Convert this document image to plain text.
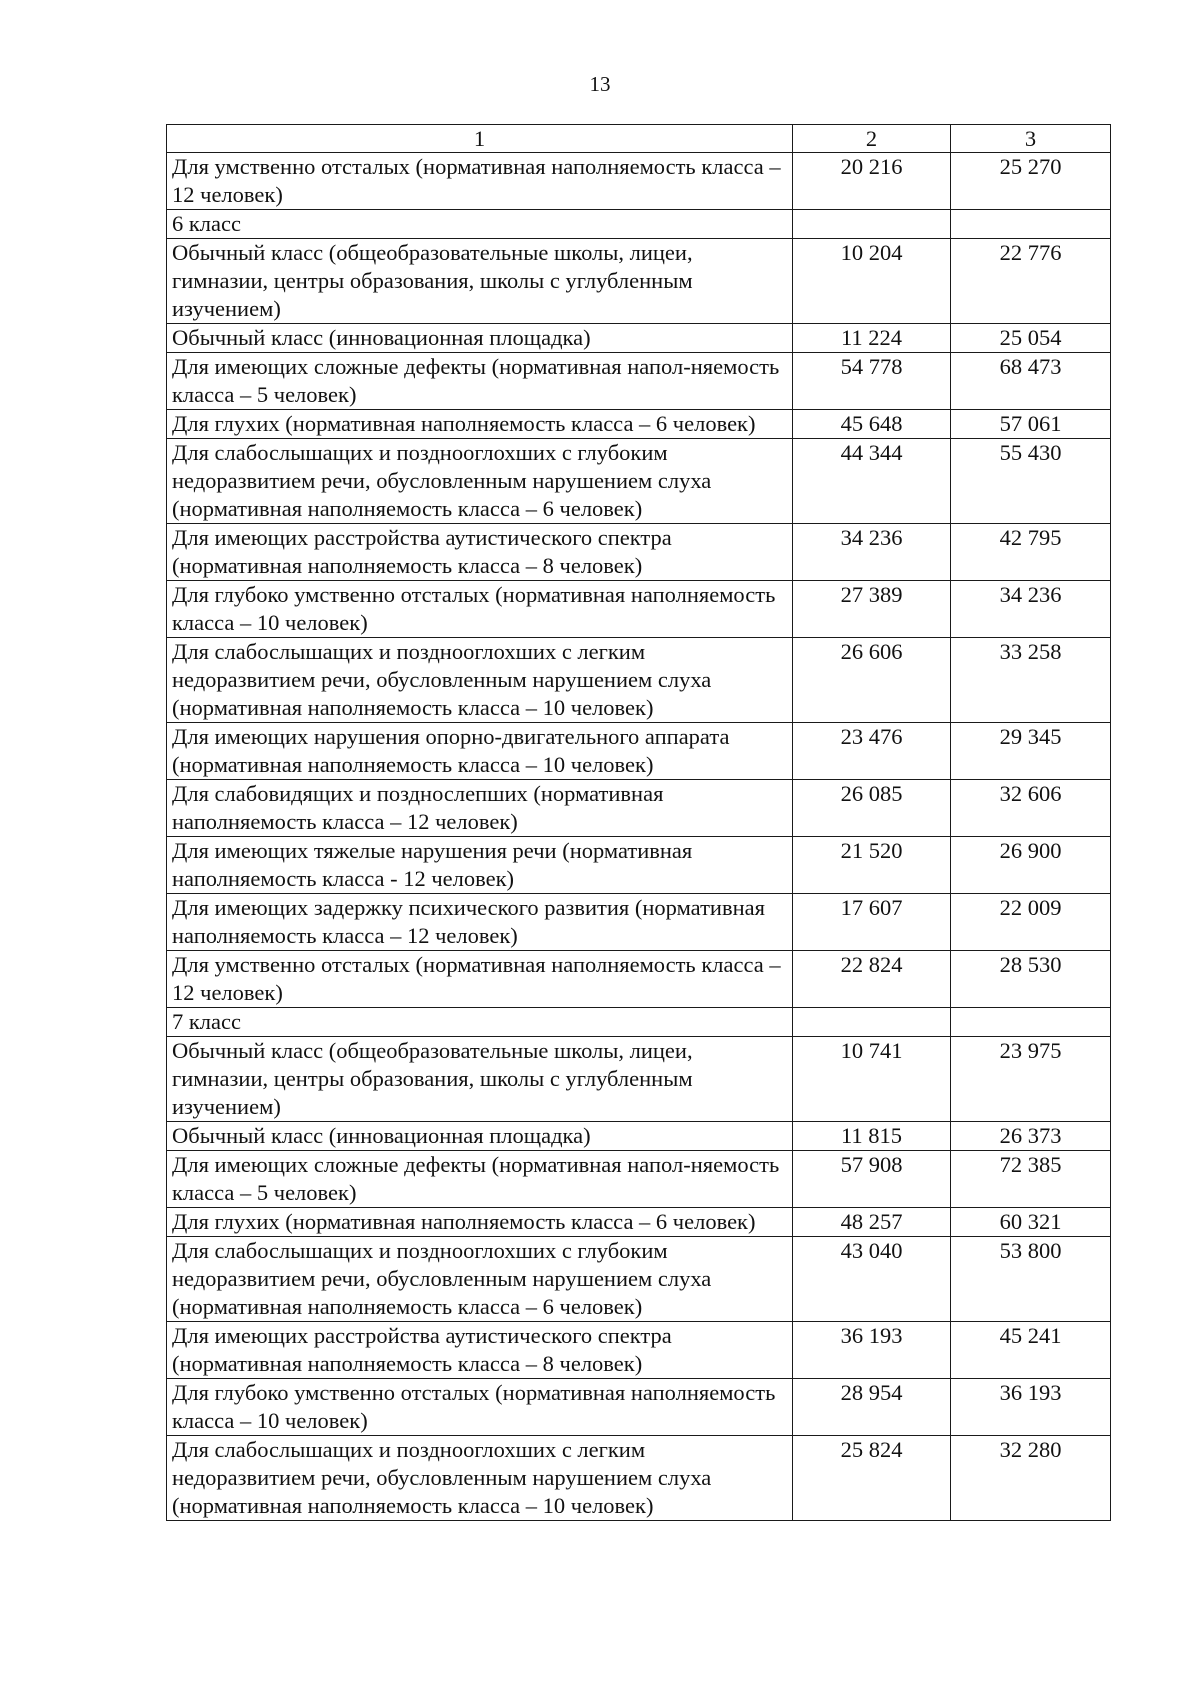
13
1	2	3
Для умственно отсталых (нормативная наполняемость класса – 12 человек)	20 216	25 270
6 класс		
Обычный класс (общеобразовательные школы, лицеи, гимназии, центры образования, школы с углубленным изучением)	10 204	22 776
Обычный класс (инновационная площадка)	11 224	25 054
Для имеющих сложные дефекты (нормативная напол-няемость класса – 5 человек)	54 778	68 473
Для глухих (нормативная наполняемость класса – 6 человек)	45 648	57 061
Для слабослышащих и позднооглохших с глубоким недоразвитием речи, обусловленным нарушением слуха (нормативная наполняемость класса – 6 человек)	44 344	55 430
Для имеющих расстройства аутистического спектра (нормативная наполняемость класса – 8 человек)	34 236	42 795
Для глубоко умственно отсталых (нормативная наполняемость класса – 10 человек)	27 389	34 236
Для слабослышащих и позднооглохших с легким недоразвитием речи, обусловленным нарушением слуха (нормативная наполняемость класса – 10 человек)	26 606	33 258
Для имеющих нарушения опорно-двигательного аппарата (нормативная наполняемость класса – 10 человек)	23 476	29 345
Для слабовидящих и позднослепших (нормативная наполняемость класса – 12 человек)	26 085	32 606
Для имеющих тяжелые нарушения речи (нормативная наполняемость класса - 12 человек)	21 520	26 900
Для имеющих задержку психического развития (нормативная наполняемость класса – 12 человек)	17 607	22 009
Для умственно отсталых (нормативная наполняемость класса – 12 человек)	22 824	28 530
7 класс		
Обычный класс (общеобразовательные школы, лицеи, гимназии, центры образования, школы с углубленным изучением)	10 741	23 975
Обычный класс (инновационная площадка)	11 815	26 373
Для имеющих сложные дефекты (нормативная напол-няемость класса – 5 человек)	57 908	72 385
Для глухих (нормативная наполняемость класса – 6 человек)	48 257	60 321
Для слабослышащих и позднооглохших с глубоким недоразвитием речи, обусловленным нарушением слуха (нормативная наполняемость класса – 6 человек)	43 040	53 800
Для имеющих расстройства аутистического спектра (нормативная наполняемость класса – 8 человек)	36 193	45 241
Для глубоко умственно отсталых (нормативная наполняемость класса – 10 человек)	28 954	36 193
Для слабослышащих и позднооглохших с легким недоразвитием речи, обусловленным нарушением слуха (нормативная наполняемость класса – 10 человек)	25 824	32 280
